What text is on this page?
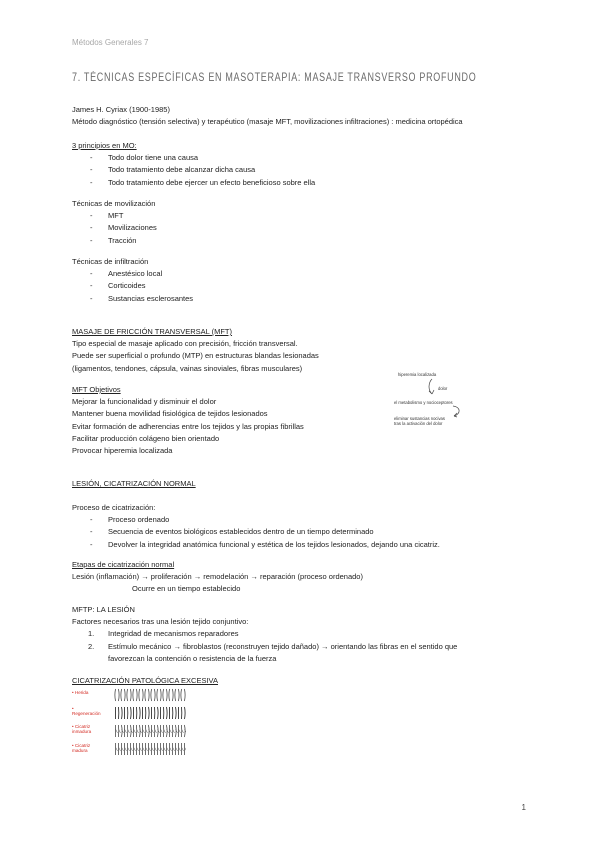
Métodos Generales 7
7. TÉCNICAS ESPECÍFICAS EN MASOTERAPIA: MASAJE TRANSVERSO PROFUNDO
James H. Cyriax (1900-1985)
Método diagnóstico (tensión selectiva) y terapéutico (masaje MFT, movilizaciones infiltraciones) : medicina ortopédica
3 principios en MO:
- Todo dolor tiene una causa
- Todo tratamiento debe alcanzar dicha causa
- Todo tratamiento debe ejercer un efecto beneficioso sobre ella
Técnicas de movilización
- MFT
- Movilizaciones
- Tracción
Técnicas de infiltración
- Anestésico local
- Corticoides
- Sustancias esclerosantes
MASAJE DE FRICCIÓN TRANSVERSAL (MFT)
Tipo especial de masaje aplicado con precisión, fricción transversal.
Puede ser superficial o profundo (MTP) en estructuras blandas lesionadas
(ligamentos, tendones, cápsula, vainas sinoviales, fibras musculares)
MFT Objetivos
Mejorar la funcionalidad y disminuir el dolor
Mantener buena movilidad fisiológica de tejidos lesionados
Evitar formación de adherencias entre los tejidos y las propias fibrillas
Facilitar producción colágeno bien orientado
Provocar hiperemia localizada
hiperemia localizada
dolor
el metabolismo y nocioceptores
eliminar sustancias nocivas
tras la activación del dolor
LESIÓN, CICATRIZACIÓN NORMAL
Proceso de cicatrización:
- Proceso ordenado
- Secuencia de eventos biológicos establecidos dentro de un tiempo determinado
- Devolver la integridad anatómica funcional y estética de los tejidos lesionados, dejando una cicatriz.
Etapas de cicatrización normal
Lesión (inflamación) → proliferación → remodelación → reparación (proceso ordenado)
Ocurre en un tiempo establecido
MFTP: LA LESIÓN
Factores necesarios tras una lesión tejido conjuntivo:
1. Integridad de mecanismos reparadores
2. Estímulo mecánico → fibroblastos (reconstruyen tejido dañado) → orientando las fibras en el sentido que
favorezcan la contención o resistencia de la fuerza
CICATRIZACIÓN PATOLÓGICA EXCESIVA
• Herida
• Regeneración
• Cicatriz inmadura
• Cicatriz madura
1
